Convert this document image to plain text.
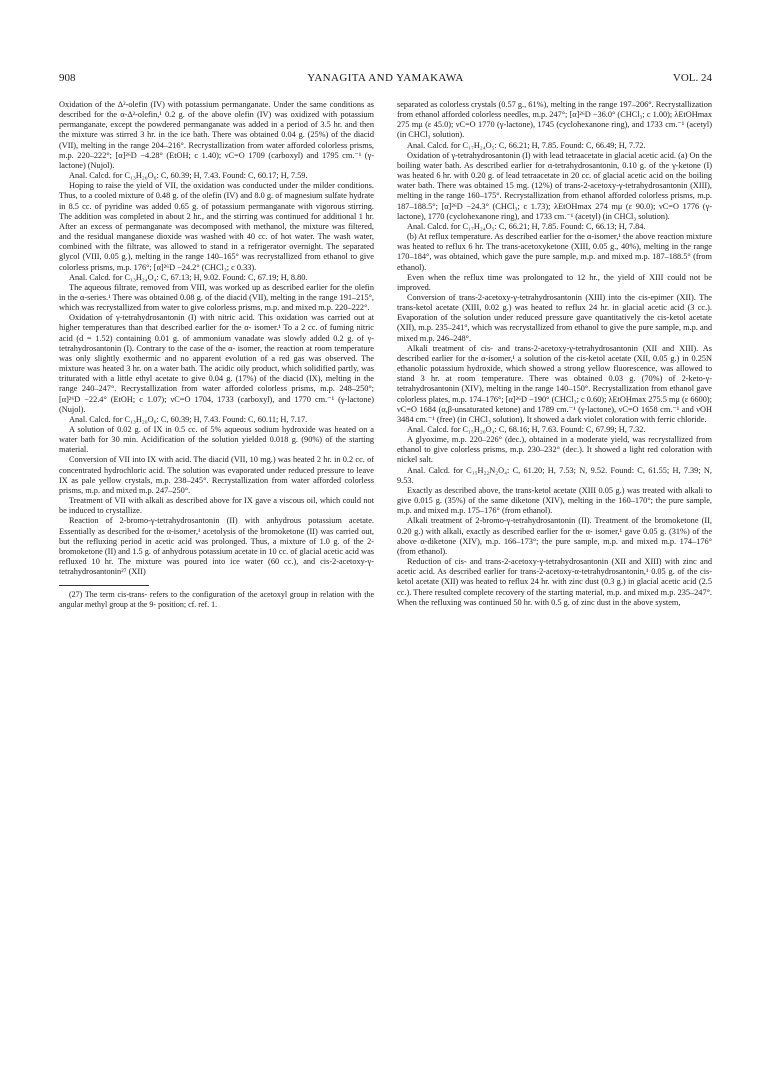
908	YANAGITA AND YAMAKAWA	VOL. 24

Oxidation of the Δ²-olefin (IV) with potassium permanganate. Under the same conditions as described for the α-Δ²-olefin,¹ 0.2 g. of the above olefin (IV) was oxidized with potassium permanganate, except the powdered permanganate was added in a period of 3.5 hr. and then the mixture was stirred 3 hr. in the ice bath. There was obtained 0.04 g. (25%) of the diacid (VII), melting in the range 204–216°. Recrystallization from water afforded colorless prisms, m.p. 220–222°; [α]²⁶D −4.28° (EtOH; c 1.40); νC=O 1709 (carboxyl) and 1795 cm.⁻¹ (γ-lactone) (Nujol).

Anal. Calcd. for C₁₃H₂₀O₆: C, 60.39; H, 7.43. Found: C, 60.17; H, 7.59.

Hoping to raise the yield of VII, the oxidation was conducted under the milder conditions. Thus, to a cooled mixture of 0.48 g. of the olefin (IV) and 8.0 g. of magnesium sulfate hydrate in 8.5 cc. of pyridine was added 0.65 g. of potassium permanganate with vigorous stirring. The addition was completed in about 2 hr., and the stirring was continued for additional 1 hr. After an excess of permanganate was decomposed with methanol, the mixture was filtered, and the residual manganese dioxide was washed with 40 cc. of hot water. The wash water, combined with the filtrate, was allowed to stand in a refrigerator overnight. The separated glycol (VIII, 0.05 g.), melting in the range 140–165° was recrystallized from ethanol to give colorless prisms, m.p. 176°; [α]²⁶D −24.2° (CHCl₃; c 0.33).

Anal. Calcd. for C₁₃H₂₄O₄: C, 67.13; H, 9.02. Found: C, 67.19; H, 8.80.

The aqueous filtrate, removed from VIII, was worked up as described earlier for the olefin in the α-series.¹ There was obtained 0.08 g. of the diacid (VII), melting in the range 191–215°, which was recrystallized from water to give colorless prisms, m.p. and mixed m.p. 220–222°.

Oxidation of γ-tetrahydrosantonin (I) with nitric acid. This oxidation was carried out at higher temperatures than that described earlier for the α- isomer.¹ To a 2 cc. of fuming nitric acid (d = 1.52) containing 0.01 g. of ammonium vanadate was slowly added 0.2 g. of γ-tetrahydrosantonin (I). Contrary to the case of the α- isomer, the reaction at room temperature was only slightly exothermic and no apparent evolution of a red gas was observed. The mixture was heated 3 hr. on a water bath. The acidic oily product, which solidified partly, was triturated with a little ethyl acetate to give 0.04 g. (17%) of the diacid (IX), melting in the range 240–247°. Recrystallization from water afforded colorless prisms, m.p. 248–250°; [α]²⁶D −22.4° (EtOH; c 1.07); νC=O 1704, 1733 (carboxyl), and 1770 cm.⁻¹ (γ-lactone) (Nujol).

Anal. Calcd. for C₁₃H₂₀O₆: C, 60.39; H, 7.43. Found: C, 60.11; H, 7.17.

A solution of 0.02 g. of IX in 0.5 cc. of 5% aqueous sodium hydroxide was heated on a water bath for 30 min. Acidification of the solution yielded 0.018 g. (90%) of the starting material.

Conversion of VII into IX with acid. The diacid (VII, 10 mg.) was heated 2 hr. in 0.2 cc. of concentrated hydrochloric acid. The solution was evaporated under reduced pressure to leave IX as pale yellow crystals, m.p. 238–245°. Recrystallization from water afforded colorless prisms, m.p. and mixed m.p. 247–250°.

Treatment of VII with alkali as described above for IX gave a viscous oil, which could not be induced to crystallize.

Reaction of 2-bromo-γ-tetrahydrosantonin (II) with anhydrous potassium acetate. Essentially as described for the α-isomer,¹ acetolysis of the bromoketone (II) was carried out, but the refluxing period in acetic acid was prolonged. Thus, a mixture of 1.0 g. of the 2-bromoketone (II) and 1.5 g. of anhydrous potassium acetate in 10 cc. of glacial acetic acid was refluxed 10 hr. The mixture was poured into ice water (60 cc.), and cis-2-acetoxy-γ-tetrahydrosantonin²⁷ (XII)

(27) The term cis-trans- refers to the configuration of the acetoxyl group in relation with the angular methyl group at the 9- position; cf. ref. 1.

separated as colorless crystals (0.57 g., 61%), melting in the range 197–206°. Recrystallization from ethanol afforded colorless needles, m.p. 247°; [α]²⁶D −36.0° (CHCl₃; c 1.00); λEtOHmax 275 mμ (ε 45.0); νC=O 1770 (γ-lactone), 1745 (cyclohexanone ring), and 1733 cm.⁻¹ (acetyl) (in CHCl₃ solution).

Anal. Calcd. for C₁₇H₂₄O₅: C, 66.21; H, 7.85. Found: C, 66.49; H, 7.72.

Oxidation of γ-tetrahydrosantonin (I) with lead tetraacetate in glacial acetic acid. (a) On the boiling water bath. As described earlier for α-tetrahydrosantonin, 0.10 g. of the γ-ketone (I) was heated 6 hr. with 0.20 g. of lead tetraacetate in 20 cc. of glacial acetic acid on the boiling water bath. There was obtained 15 mg. (12%) of trans-2-acetoxy-γ-tetrahydrosantonin (XIII), melting in the range 160–175°. Recrystallization from ethanol afforded colorless prisms, m.p. 187–188.5°; [α]²⁶D −24.3° (CHCl₃; c 1.73); λEtOHmax 274 mμ (ε 90.0); νC=O 1776 (γ-lactone), 1770 (cyclohexanone ring), and 1733 cm.⁻¹ (acetyl) (in CHCl₃ solution).

Anal. Calcd. for C₁₇H₂₄O₅: C, 66.21; H, 7.85. Found: C, 66.13; H, 7.84.

(b) At reflux temperature. As described earlier for the α-isomer,¹ the above reaction mixture was heated to reflux 6 hr. The trans-acetoxyketone (XIII, 0.05 g., 40%), melting in the range 170–184°, was obtained, which gave the pure sample, m.p. and mixed m.p. 187–188.5° (from ethanol).

Even when the reflux time was prolongated to 12 hr., the yield of XIII could not be improved.

Conversion of trans-2-acetoxy-γ-tetrahydrosantonin (XIII) into the cis-epimer (XII). The trans-ketol acetate (XIII, 0.02 g.) was heated to reflux 24 hr. in glacial acetic acid (3 cc.). Evaporation of the solution under reduced pressure gave quantitatively the cis-ketol acetate (XII), m.p. 235–241°, which was recrystallized from ethanol to give the pure sample, m.p. and mixed m.p. 246–248°.

Alkali treatment of cis- and trans-2-acetoxy-γ-tetrahydrosantonin (XII and XIII). As described earlier for the α-isomer,¹ a solution of the cis-ketol acetate (XII, 0.05 g.) in 0.25N ethanolic potassium hydroxide, which showed a strong yellow fluorescence, was allowed to stand 3 hr. at room temperature. There was obtained 0.03 g. (70%) of 2-keto-γ-tetrahydrosantonin (XIV), melting in the range 140–150°. Recrystallization from ethanol gave colorless plates, m.p. 174–176°; [α]²⁶D −190° (CHCl₃; c 0.60); λEtOHmax 275.5 mμ (ε 6600); νC=O 1684 (α,β-unsaturated ketone) and 1789 cm.⁻¹ (γ-lactone), νC=O 1658 cm.⁻¹ and νOH 3484 cm.⁻¹ (free) (in CHCl₃ solution). It showed a dark violet coloration with ferric chloride.

Anal. Calcd. for C₁₅H₂₀O₄: C, 68.16; H, 7.63. Found: C, 67.99; H, 7.32.

A glyoxime, m.p. 220–226° (dec.), obtained in a moderate yield, was recrystallized from ethanol to give colorless prisms, m.p. 230–232° (dec.). It showed a light red coloration with nickel salt.

Anal. Calcd. for C₁₅H₂₂N₂O₄: C, 61.20; H, 7.53; N, 9.52. Found: C, 61.55; H, 7.39; N, 9.53.

Exactly as described above, the trans-ketol acetate (XIII 0.05 g.) was treated with alkali to give 0.015 g. (35%) of the same diketone (XIV), melting in the 160–170°; the pure sample, m.p. and mixed m.p. 175–176° (from ethanol).

Alkali treatment of 2-bromo-γ-tetrahydrosantonin (II). Treatment of the bromoketone (II, 0.20 g.) with alkali, exactly as described earlier for the α- isomer,¹ gave 0.05 g. (31%) of the above α-diketone (XIV), m.p. 166–173°; the pure sample, m.p. and mixed m.p. 174–176° (from ethanol).

Reduction of cis- and trans-2-acetoxy-γ-tetrahydrosantonin (XII and XIII) with zinc and acetic acid. As described earlier for trans-2-acetoxy-α-tetrahydrosantonin,¹ 0.05 g. of the cis-ketol acetate (XII) was heated to reflux 24 hr. with zinc dust (0.3 g.) in glacial acetic acid (2.5 cc.). There resulted complete recovery of the starting material, m.p. and mixed m.p. 235–247°. When the refluxing was continued 50 hr. with 0.5 g. of zinc dust in the above system,
